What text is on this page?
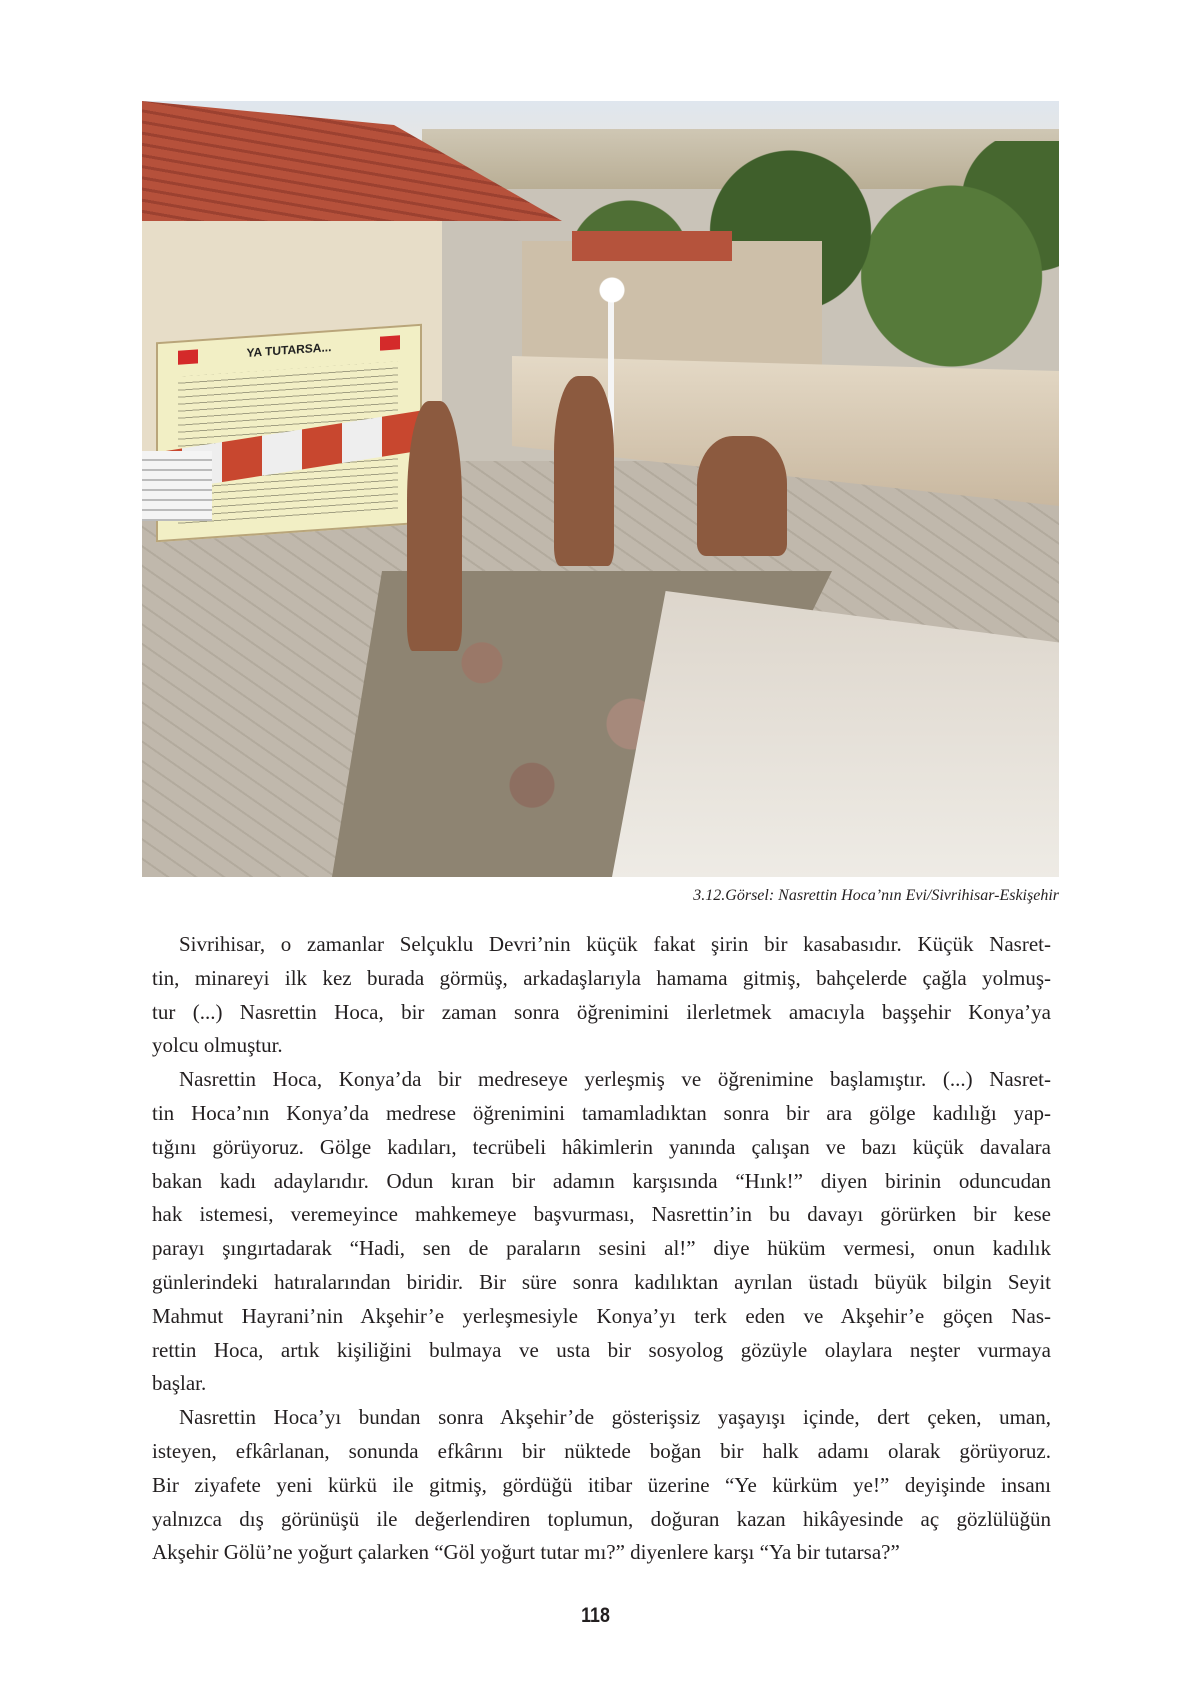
YA TUTARSA...
3.12.Görsel: Nasrettin Hoca’nın Evi/Sivrihisar-Eskişehir
Sivrihisar, o zamanlar Selçuklu Devri’nin küçük fakat şirin bir kasabasıdır. Küçük Nasret-
tin, minareyi ilk kez burada görmüş, arkadaşlarıyla hamama gitmiş, bahçelerde çağla yolmuş-
tur (...) Nasrettin Hoca, bir zaman sonra öğrenimini ilerletmek amacıyla başşehir Konya’ya
yolcu olmuştur.
Nasrettin Hoca, Konya’da bir medreseye yerleşmiş ve öğrenimine başlamıştır. (...) Nasret-
tin Hoca’nın Konya’da medrese öğrenimini tamamladıktan sonra bir ara gölge kadılığı yap-
tığını görüyoruz. Gölge kadıları, tecrübeli hâkimlerin yanında çalışan ve bazı küçük davalara
bakan kadı adaylarıdır. Odun kıran bir adamın karşısında “Hınk!” diyen birinin oduncudan
hak istemesi, veremeyince mahkemeye başvurması, Nasrettin’in bu davayı görürken bir kese
parayı şıngırtadarak “Hadi, sen de paraların sesini al!” diye hüküm vermesi, onun kadılık
günlerindeki hatıralarından biridir. Bir süre sonra kadılıktan ayrılan üstadı büyük bilgin Seyit
Mahmut Hayrani’nin Akşehir’e yerleşmesiyle Konya’yı terk eden ve Akşehir’e göçen Nas-
rettin Hoca, artık kişiliğini bulmaya ve usta bir sosyolog gözüyle olaylara neşter vurmaya
başlar.
Nasrettin Hoca’yı bundan sonra Akşehir’de gösterişsiz yaşayışı içinde, dert çeken, uman,
isteyen, efkârlanan, sonunda efkârını bir nüktede boğan bir halk adamı olarak görüyoruz.
Bir ziyafete yeni kürkü ile gitmiş, gördüğü itibar üzerine “Ye kürküm ye!” deyişinde insanı
yalnızca dış görünüşü ile değerlendiren toplumun, doğuran kazan hikâyesinde aç gözlülüğün
Akşehir Gölü’ne yoğurt çalarken “Göl yoğurt tutar mı?” diyenlere karşı “Ya bir tutarsa?”
118
